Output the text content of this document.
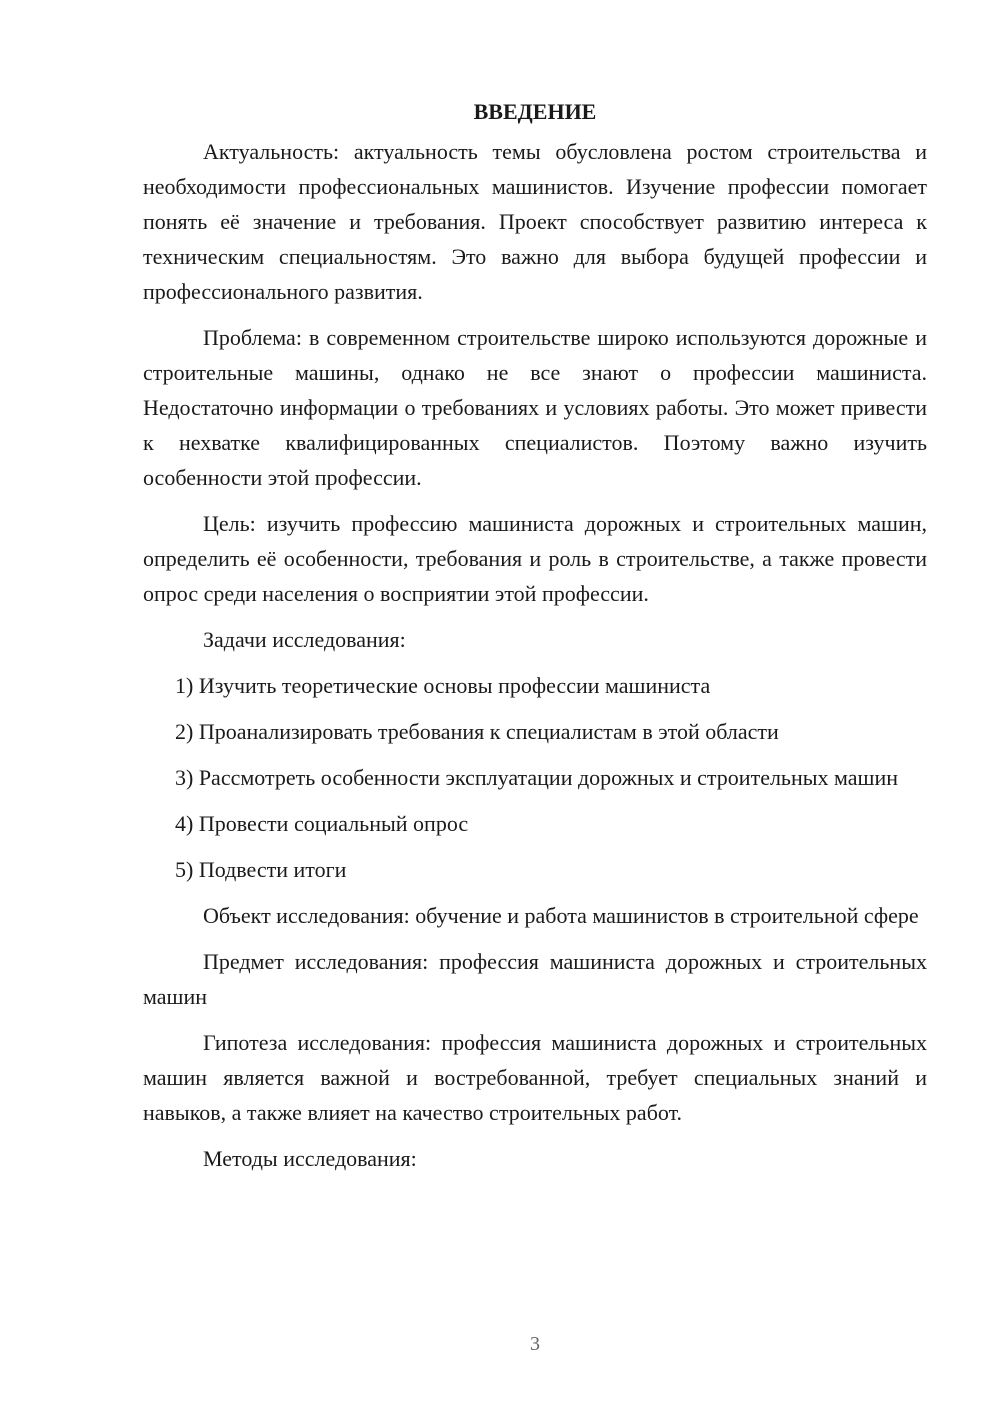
ВВЕДЕНИЕ

Актуальность: актуальность темы обусловлена ростом строительства и необходимости профессиональных машинистов. Изучение профессии помогает понять её значение и требования. Проект способствует развитию интереса к техническим специальностям. Это важно для выбора будущей профессии и профессионального развития.

Проблема: в современном строительстве широко используются дорожные и строительные машины, однако не все знают о профессии машиниста. Недостаточно информации о требованиях и условиях работы. Это может привести к нехватке квалифицированных специалистов. Поэтому важно изучить особенности этой профессии.

Цель: изучить профессию машиниста дорожных и строительных машин, определить её особенности, требования и роль в строительстве, а также провести опрос среди населения о восприятии этой профессии.

Задачи исследования:

1) Изучить теоретические основы профессии машиниста

2) Проанализировать требования к специалистам в этой области

3) Рассмотреть особенности эксплуатации дорожных и строительных машин

4) Провести социальный опрос

5) Подвести итоги

Объект исследования: обучение и работа машинистов в строительной сфере

Предмет исследования: профессия машиниста дорожных и строительных машин

Гипотеза исследования: профессия машиниста дорожных и строительных машин является важной и востребованной, требует специальных знаний и навыков, а также влияет на качество строительных работ.

Методы исследования:

3
